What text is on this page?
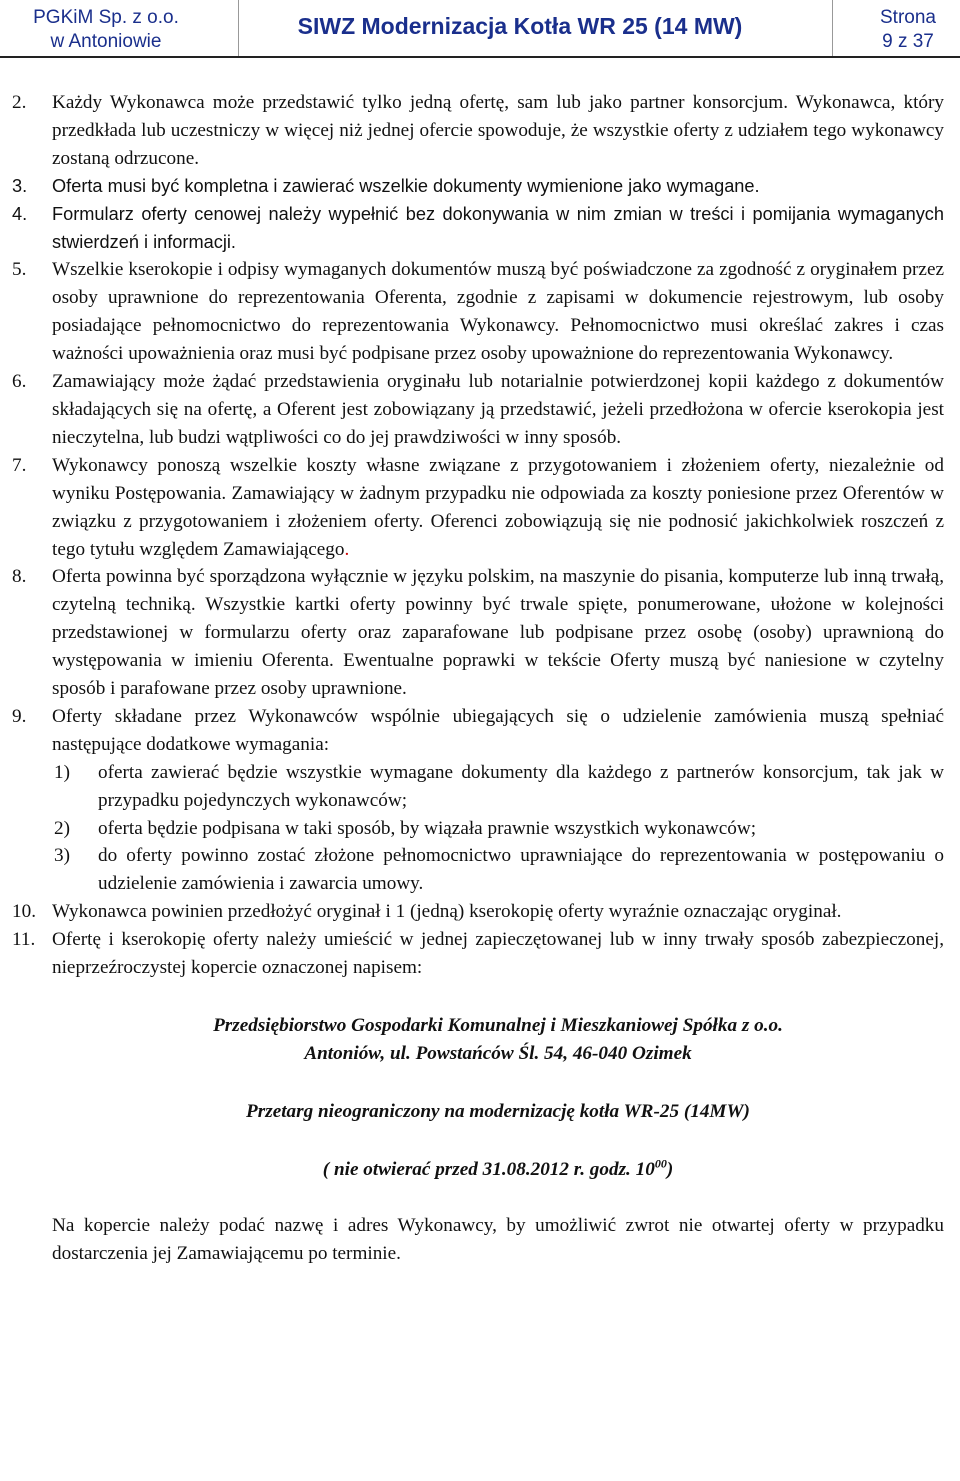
PGKiM Sp. z o.o.
w Antoniowie
SIWZ Modernizacja Kotła WR 25 (14 MW)	Strona
9 z 37
2. Każdy Wykonawca może przedstawić tylko jedną ofertę, sam lub jako partner konsorcjum. Wykonawca, który przedkłada lub uczestniczy w więcej niż jednej ofercie spowoduje, że wszystkie oferty z udziałem tego wykonawcy zostaną odrzucone.
3. Oferta musi być kompletna i zawierać wszelkie dokumenty wymienione jako wymagane.
4. Formularz oferty cenowej należy wypełnić bez dokonywania w nim zmian w treści i pomijania wymaganych stwierdzeń i informacji.
5. Wszelkie kserokopie i odpisy wymaganych dokumentów muszą być poświadczone za zgodność z oryginałem przez osoby uprawnione do reprezentowania Oferenta, zgodnie z zapisami w dokumencie rejestrowym, lub osoby posiadające pełnomocnictwo do reprezentowania Wykonawcy. Pełnomocnictwo musi określać zakres i czas ważności upoważnienia oraz musi być podpisane przez osoby upoważnione do reprezentowania Wykonawcy.
6. Zamawiający może żądać przedstawienia oryginału lub notarialnie potwierdzonej kopii każdego z dokumentów składających się na ofertę, a Oferent jest zobowiązany ją przedstawić, jeżeli przedłożona w ofercie kserokopia jest nieczytelna, lub budzi wątpliwości co do jej prawdziwości w inny sposób.
7. Wykonawcy ponoszą wszelkie koszty własne związane z przygotowaniem i złożeniem oferty, niezależnie od wyniku Postępowania. Zamawiający w żadnym przypadku nie odpowiada za koszty poniesione przez Oferentów w związku z przygotowaniem i złożeniem oferty. Oferenci zobowiązują się nie podnosić jakichkolwiek roszczeń z tego tytułu względem Zamawiającego.
8. Oferta powinna być sporządzona wyłącznie w języku polskim, na maszynie do pisania, komputerze lub inną trwałą, czytelną techniką. Wszystkie kartki oferty powinny być trwale spięte, ponumerowane, ułożone w kolejności przedstawionej w formularzu oferty oraz zaparafowane lub podpisane przez osobę (osoby) uprawnioną do występowania w imieniu Oferenta. Ewentualne poprawki w tekście Oferty muszą być naniesione w czytelny sposób i parafowane przez osoby uprawnione.
9. Oferty składane przez Wykonawców wspólnie ubiegających się o udzielenie zamówienia muszą spełniać następujące dodatkowe wymagania:
1) oferta zawierać będzie wszystkie wymagane dokumenty dla każdego z partnerów konsorcjum, tak jak w przypadku pojedynczych wykonawców;
2) oferta będzie podpisana w taki sposób, by wiązała prawnie wszystkich wykonawców;
3) do oferty powinno zostać złożone pełnomocnictwo uprawniające do reprezentowania w postępowaniu o udzielenie zamówienia i zawarcia umowy.
10. Wykonawca powinien przedłożyć oryginał i 1 (jedną) kserokopię oferty wyraźnie oznaczając oryginał.
11. Ofertę i kserokopię oferty należy umieścić w jednej zapieczętowanej lub w inny trwały sposób zabezpieczonej, nieprzeźroczystej kopercie oznaczonej napisem:
Przedsiębiorstwo Gospodarki Komunalnej i Mieszkaniowej Spółka z o.o.
Antoniów, ul. Powstańców Śl. 54, 46-040 Ozimek
Przetarg nieograniczony na modernizację kotła WR-25 (14MW)
( nie otwierać przed 31.08.2012 r. godz. $10^{00}$)
Na kopercie należy podać nazwę i adres Wykonawcy, by umożliwić zwrot nie otwartej oferty w przypadku dostarczenia jej Zamawiającemu po terminie.
